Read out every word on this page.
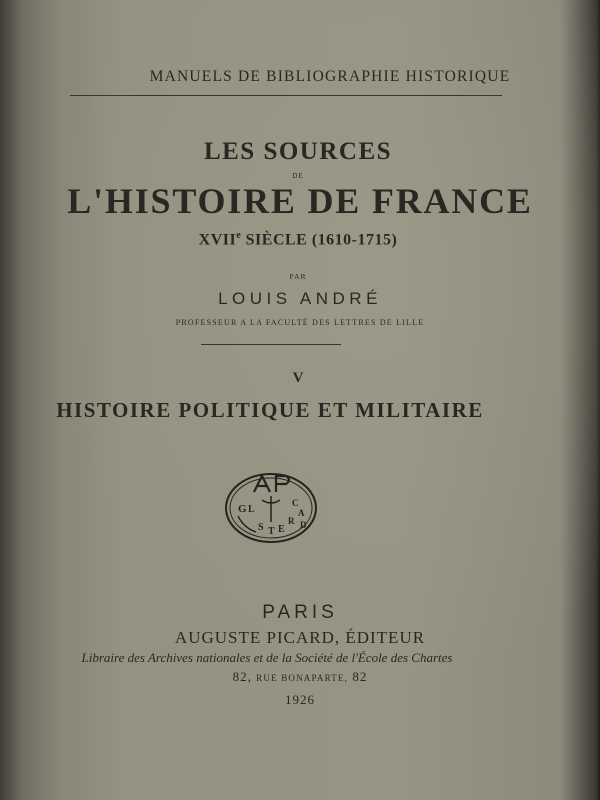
MANUELS DE BIBLIOGRAPHIE HISTORIQUE
LES SOURCES
DE
L'HISTOIRE DE FRANCE
XVIIe SIÈCLE (1610-1715)
PAR
LOUIS ANDRÉ
PROFESSEUR A LA FACULTÉ DES LETTRES DE LILLE
V
HISTOIRE POLITIQUE ET MILITAIRE
G L
C
A
R D
S T E
PARIS
AUGUSTE PICARD, ÉDITEUR
Libraire des Archives nationales et de la Société de l'École des Chartes
82, RUE BONAPARTE, 82
1926
